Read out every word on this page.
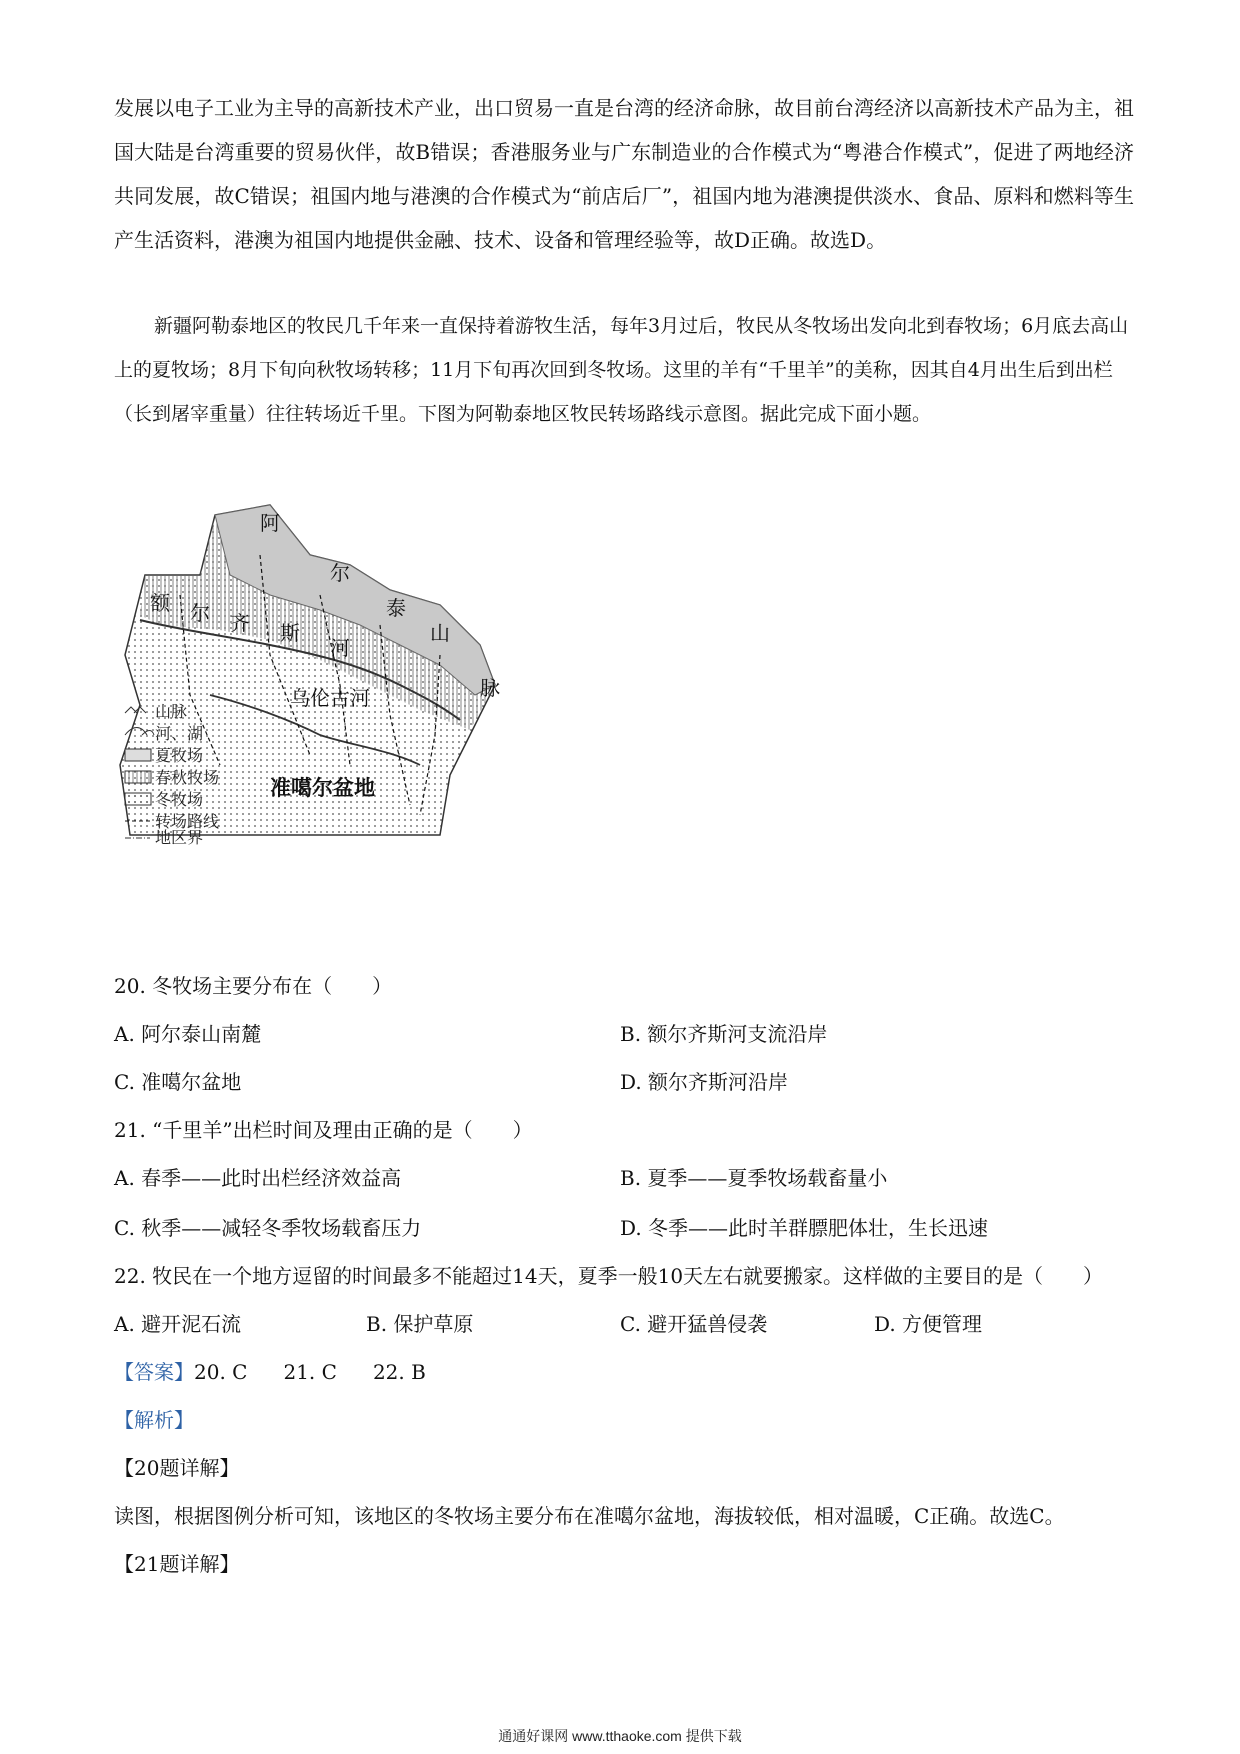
发展以电子工业为主导的高新技术产业，出口贸易一直是台湾的经济命脉，故目前台湾经济以高新技术产品为主，祖国大陆是台湾重要的贸易伙伴，故B错误；香港服务业与广东制造业的合作模式为“粤港合作模式”，促进了两地经济共同发展，故C错误；祖国内地与港澳的合作模式为“前店后厂”，祖国内地为港澳提供淡水、食品、原料和燃料等生产生活资料，港澳为祖国内地提供金融、技术、设备和管理经验等，故D正确。故选D。

新疆阿勒泰地区的牧民几千年来一直保持着游牧生活，每年3月过后，牧民从冬牧场出发向北到春牧场；6月底去高山上的夏牧场；8月下旬向秋牧场转移；11月下旬再次回到冬牧场。这里的羊有“千里羊”的美称，因其自4月出生后到出栏（长到屠宰重量）往往转场近千里。下图为阿勒泰地区牧民转场路线示意图。据此完成下面小题。

阿
尔
泰
山
脉
额 尔 齐 斯
河
乌伦古河
准噶尔盆地
山脉
河、湖
夏牧场
春秋牧场
冬牧场
转场路线
地区界

20. 冬牧场主要分布在（　　）

A. 阿尔泰山南麓	B. 额尔齐斯河支流沿岸

C. 准噶尔盆地	D. 额尔齐斯河沿岸

21. “千里羊”出栏时间及理由正确的是（　　）

A. 春季——此时出栏经济效益高	B. 夏季——夏季牧场载畜量小

C. 秋季——减轻冬季牧场载畜压力	D. 冬季——此时羊群膘肥体壮，生长迅速

22. 牧民在一个地方逗留的时间最多不能超过14天，夏季一般10天左右就要搬家。这样做的主要目的是（　　）

A. 避开泥石流	B. 保护草原	C. 避开猛兽侵袭	D. 方便管理

【答案】20. C 21. C 22. B

【解析】

【20题详解】

读图，根据图例分析可知，该地区的冬牧场主要分布在准噶尔盆地，海拔较低，相对温暖，C正确。故选C。

【21题详解】

通通好课网 www.tthaoke.com 提供下载
